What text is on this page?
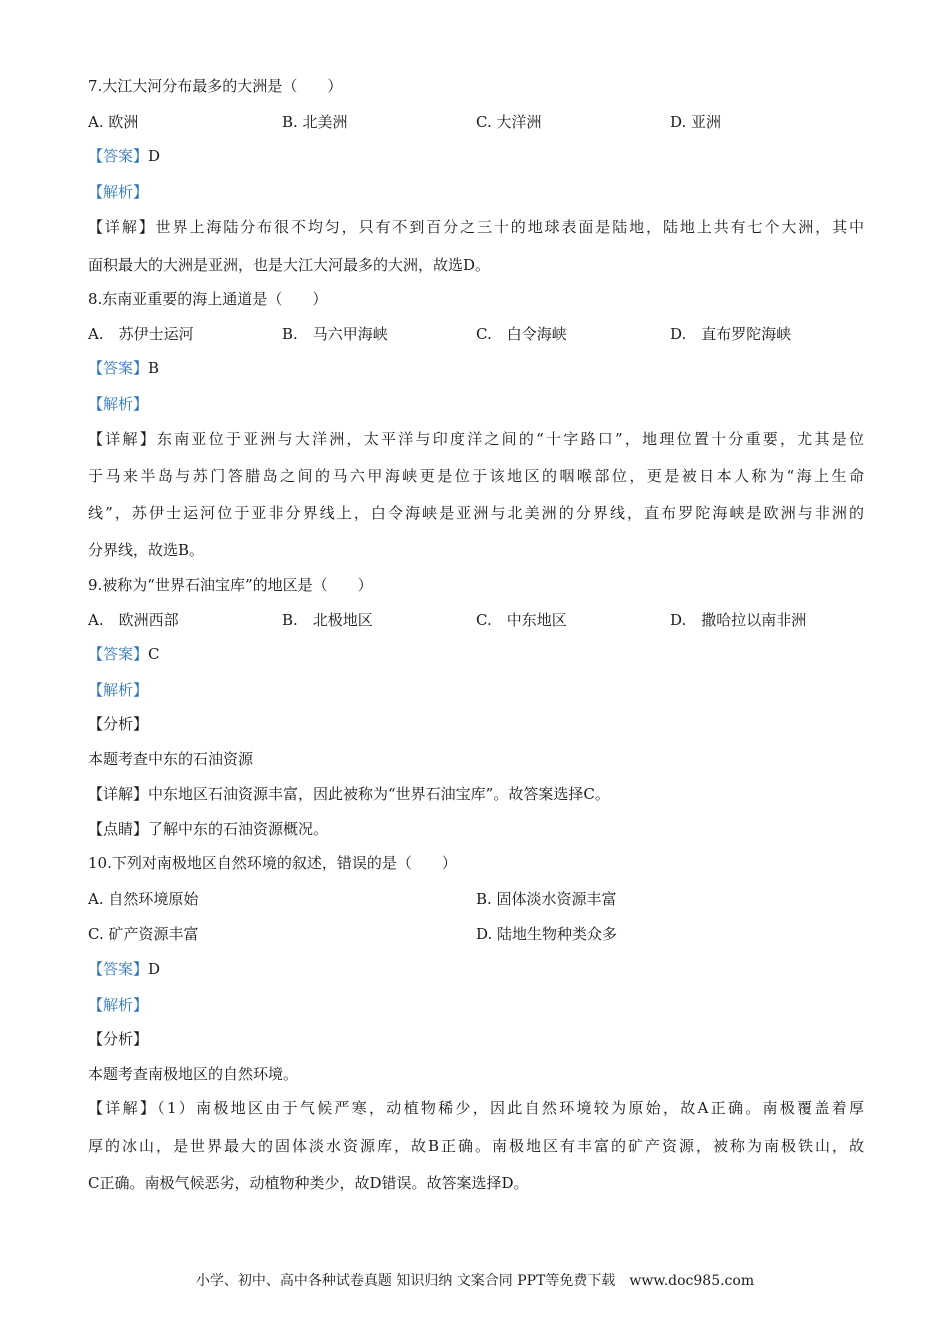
7.大江大河分布最多的大洲是（　　）
A. 欧洲	B. 北美洲	C. 大洋洲	D. 亚洲
【答案】D
【解析】
【详解】世界上海陆分布很不均匀，只有不到百分之三十的地球表面是陆地，陆地上共有七个大洲，其中
面积最大的大洲是亚洲，也是大江大河最多的大洲，故选D。
8.东南亚重要的海上通道是（　　）
A.　苏伊士运河	B.　马六甲海峡	C.　白令海峡	D.　直布罗陀海峡
【答案】B
【解析】
【详解】东南亚位于亚洲与大洋洲，太平洋与印度洋之间的“十字路口”，地理位置十分重要，尤其是位
于马来半岛与苏门答腊岛之间的马六甲海峡更是位于该地区的咽喉部位，更是被日本人称为“海上生命
线”，苏伊士运河位于亚非分界线上，白令海峡是亚洲与北美洲的分界线，直布罗陀海峡是欧洲与非洲的
分界线，故选B。
9.被称为“世界石油宝库”的地区是（　　）
A.　欧洲西部	B.　北极地区	C.　中东地区	D.　撒哈拉以南非洲
【答案】C
【解析】
【分析】
本题考查中东的石油资源
【详解】中东地区石油资源丰富，因此被称为“世界石油宝库”。故答案选择C。
【点睛】了解中东的石油资源概况。
10.下列对南极地区自然环境的叙述，错误的是（　　）
A. 自然环境原始	B. 固体淡水资源丰富
C. 矿产资源丰富	D. 陆地生物种类众多
【答案】D
【解析】
【分析】
本题考查南极地区的自然环境。
【详解】（1）南极地区由于气候严寒，动植物稀少，因此自然环境较为原始，故A正确。南极覆盖着厚
厚的冰山，是世界最大的固体淡水资源库，故B正确。南极地区有丰富的矿产资源，被称为南极铁山，故
C正确。南极气候恶劣，动植物种类少，故D错误。故答案选择D。
小学、初中、高中各种试卷真题 知识归纳 文案合同 PPT等免费下载　www.doc985.com
